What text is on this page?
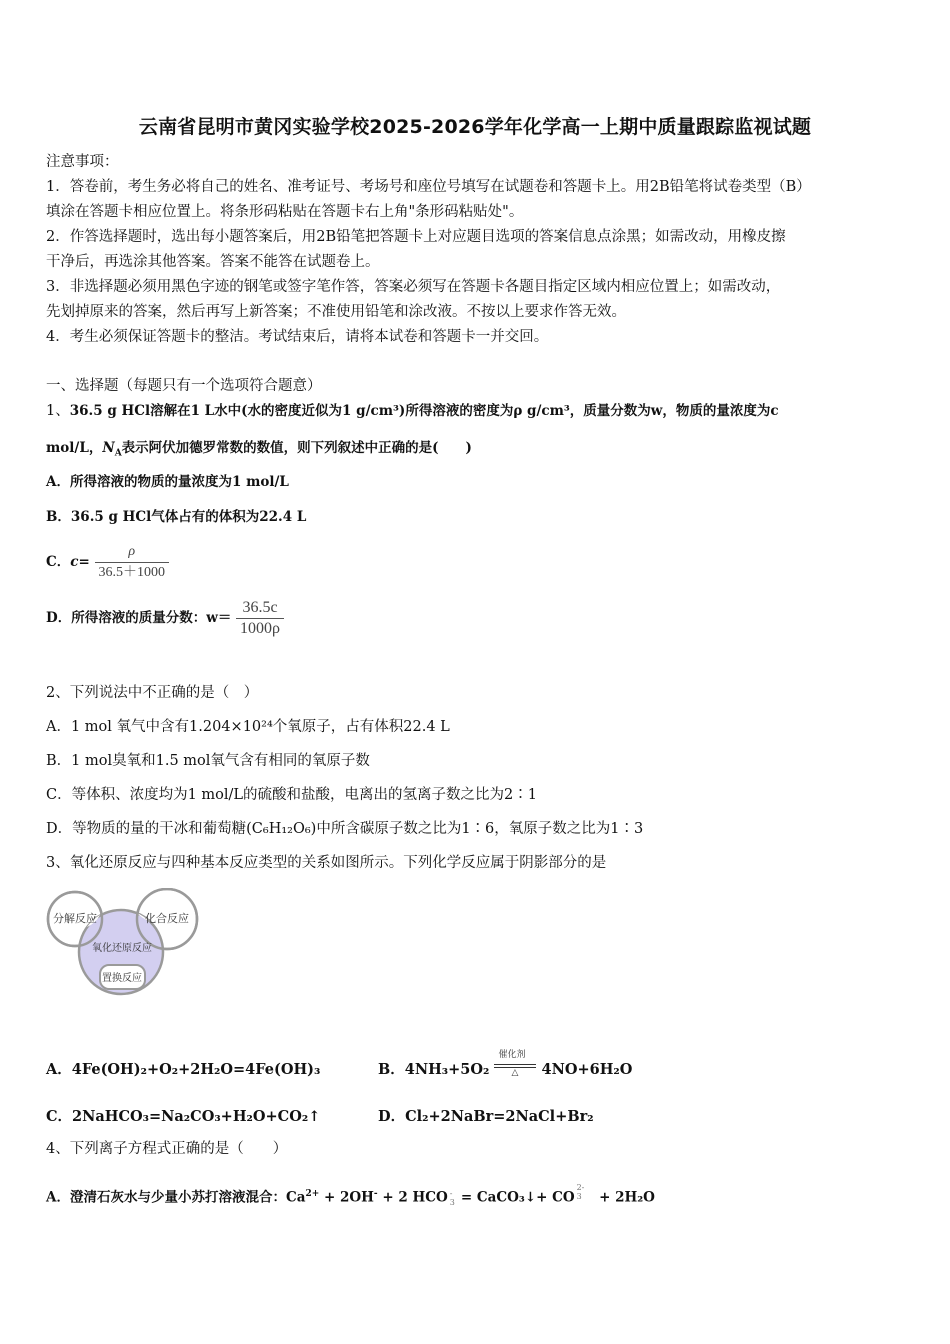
云南省昆明市黄冈实验学校2025-2026学年化学高一上期中质量跟踪监视试题
注意事项：
1．答卷前，考生务必将自己的姓名、准考证号、考场号和座位号填写在试题卷和答题卡上。用2B铅笔将试卷类型（B）
填涂在答题卡相应位置上。将条形码粘贴在答题卡右上角"条形码粘贴处"。
2．作答选择题时，选出每小题答案后，用2B铅笔把答题卡上对应题目选项的答案信息点涂黑；如需改动，用橡皮擦
干净后，再选涂其他答案。答案不能答在试题卷上。
3．非选择题必须用黑色字迹的钢笔或签字笔作答，答案必须写在答题卡各题目指定区域内相应位置上；如需改动，
先划掉原来的答案，然后再写上新答案；不准使用铅笔和涂改液。不按以上要求作答无效。
4．考生必须保证答题卡的整洁。考试结束后，请将本试卷和答题卡一并交回。
一、选择题（每题只有一个选项符合题意）
1、36.5 g HCl溶解在1 L水中(水的密度近似为1 g/cm³)所得溶液的密度为ρ g/cm³，质量分数为w，物质的量浓度为c
mol/L，$N_A$表示阿伏加德罗常数的数值，则下列叙述中正确的是(　　)
A．所得溶液的物质的量浓度为1 mol/L
B．36.5 g HCl气体占有的体积为22.4 L
C．$c= \frac{\rho}{36.5+1000}$
D．所得溶液的质量分数：$w= \frac{36.5c}{1000\rho}$
2、下列说法中不正确的是（　）
A．1 mol 氧气中含有1.204×10²⁴个氧原子，占有体积22.4 L
B．1 mol臭氧和1.5 mol氧气含有相同的氧原子数
C．等体积、浓度均为1 mol/L的硫酸和盐酸，电离出的氢离子数之比为2∶1
D．等物质的量的干冰和葡萄糖(C₆H₁₂O₆)中所含碳原子数之比为1∶6，氧原子数之比为1∶3
3、氧化还原反应与四种基本反应类型的关系如图所示。下列化学反应属于阴影部分的是
分解反应	化合反应
氧化还原反应
置换反应
A．4Fe(OH)₂+O₂+2H₂O=4Fe(OH)₃	B．4NH₃+5O₂
催化剂
△ 4NO+6H₂O
C．2NaHCO₃=Na₂CO₃+H₂O+CO₂↑	D．Cl₂+2NaBr=2NaCl+Br₂
4、下列离子方程式正确的是（　　）
A．澄清石灰水与少量小苏打溶液混合：$Ca^{2+} + 2OH^- + 2$ HCO -
3 = CaCO₃↓+ CO
2-
3 + 2H₂O
